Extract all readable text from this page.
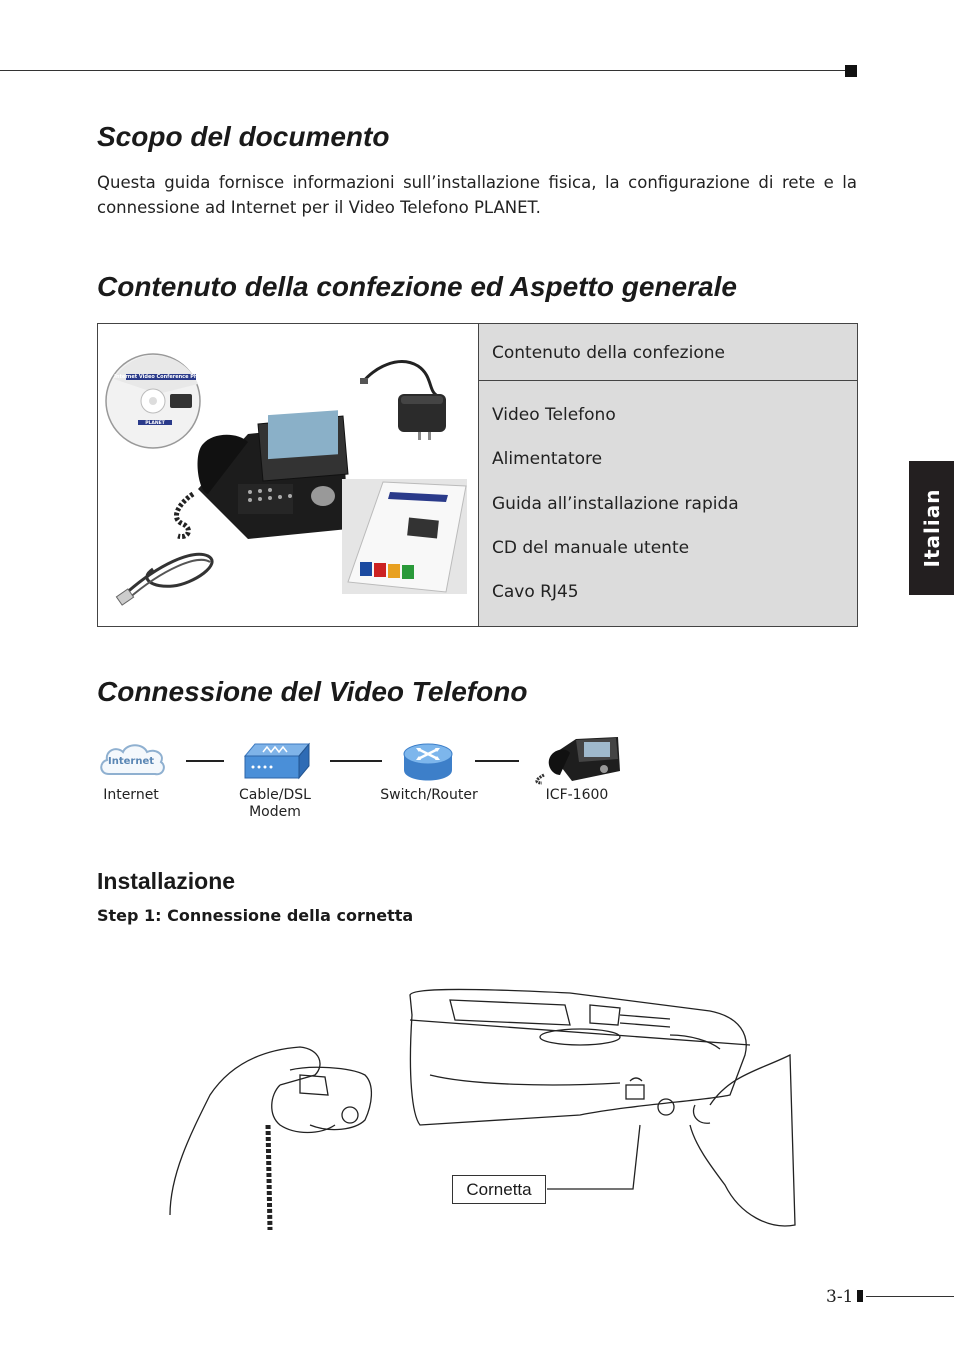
Scopo del documento

Questa guida fornisce informazioni sull’installazione fisica, la configurazione di rete e la connessione ad Internet per il Video Telefono PLANET.

Contenuto della confezione ed Aspetto generale
Internet Video Conference Phone
PLANET
Contenuto della confezione
Video Telefono
Alimentatore
Guida all’installazione rapida
CD del manuale utente
Cavo RJ45
Connessione del Video Telefono
Internet
Internet	Cable/DSL
Modem
Switch/Router	ICF-1600
Installazione
Step 1: Connessione della cornetta
Cornetta
Italian
3-1
